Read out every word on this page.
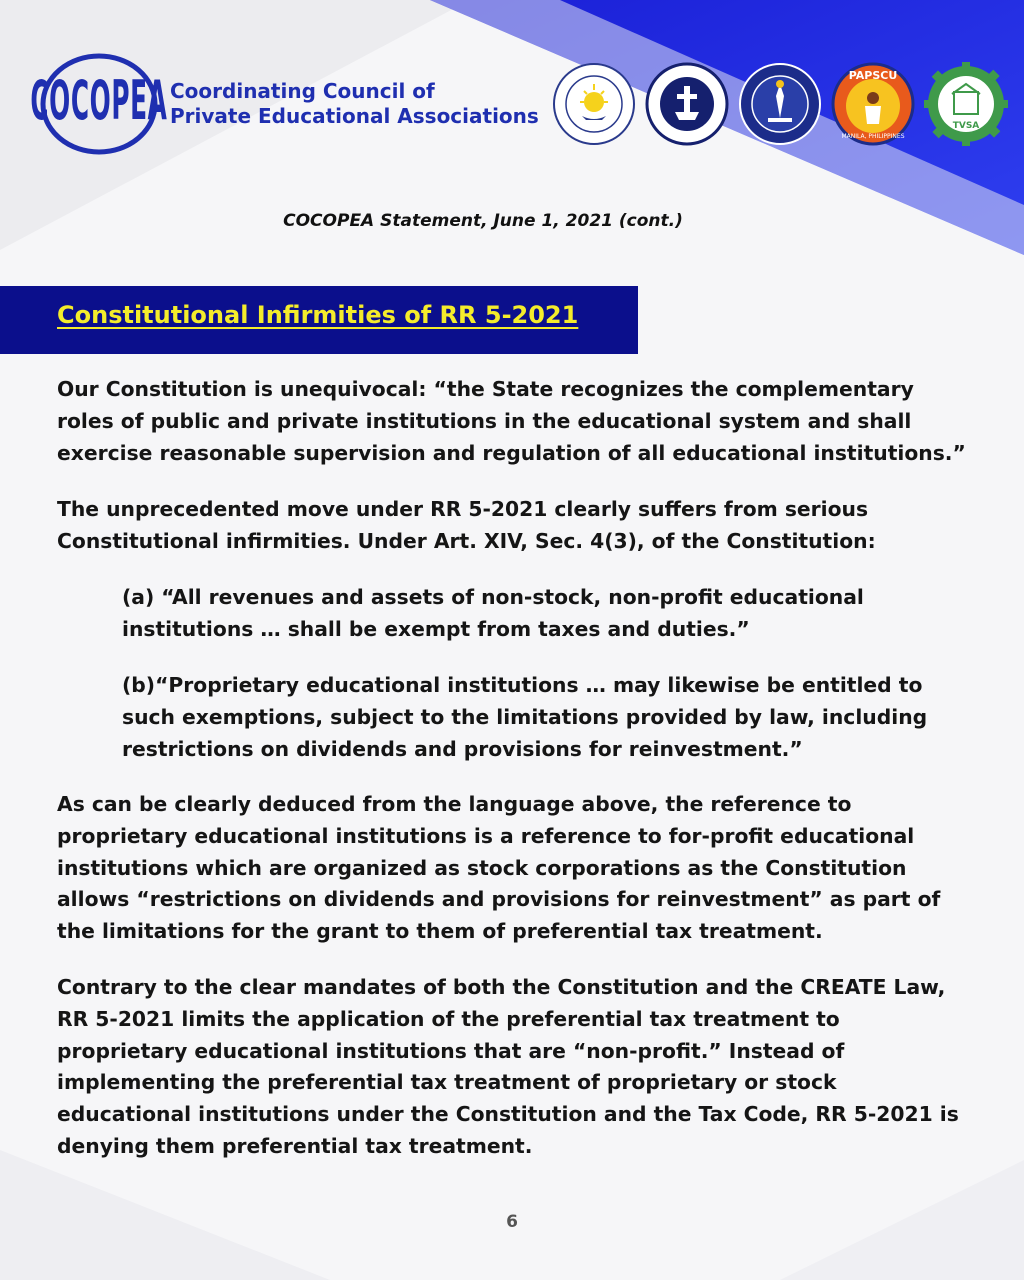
COCOPEA Coordinating Council of
Private Educational Associations
PAPSCU
MANILA, PHILIPPINES
TVSA
COCOPEA Statement, June 1, 2021 (cont.)
Constitutional Infirmities of RR 5-2021

Our Constitution is unequivocal: “the State recognizes the complementary roles of public and private institutions in the educational system and shall exercise reasonable supervision and regulation of all educational institutions.”

The unprecedented move under RR 5-2021 clearly suffers from serious Constitutional infirmities. Under Art. XIV, Sec. 4(3), of the Constitution:

(a) “All revenues and assets of non-stock, non-profit educational institutions … shall be exempt from taxes and duties.”
(b)“Proprietary educational institutions … may likewise be entitled to such exemptions, subject to the limitations provided by law, including restrictions on dividends and provisions for reinvestment.”

As can be clearly deduced from the language above, the reference to proprietary educational institutions is a reference to for-profit educational institutions which are organized as stock corporations as the Constitution allows “restrictions on dividends and provisions for reinvestment” as part of the limitations for the grant to them of preferential tax treatment.

Contrary to the clear mandates of both the Constitution and the CREATE Law, RR 5-2021 limits the application of the preferential tax treatment to proprietary educational institutions that are “non-profit.” Instead of implementing the preferential tax treatment of proprietary or stock educational institutions under the Constitution and the Tax Code, RR 5-2021 is denying them preferential tax treatment.

6
